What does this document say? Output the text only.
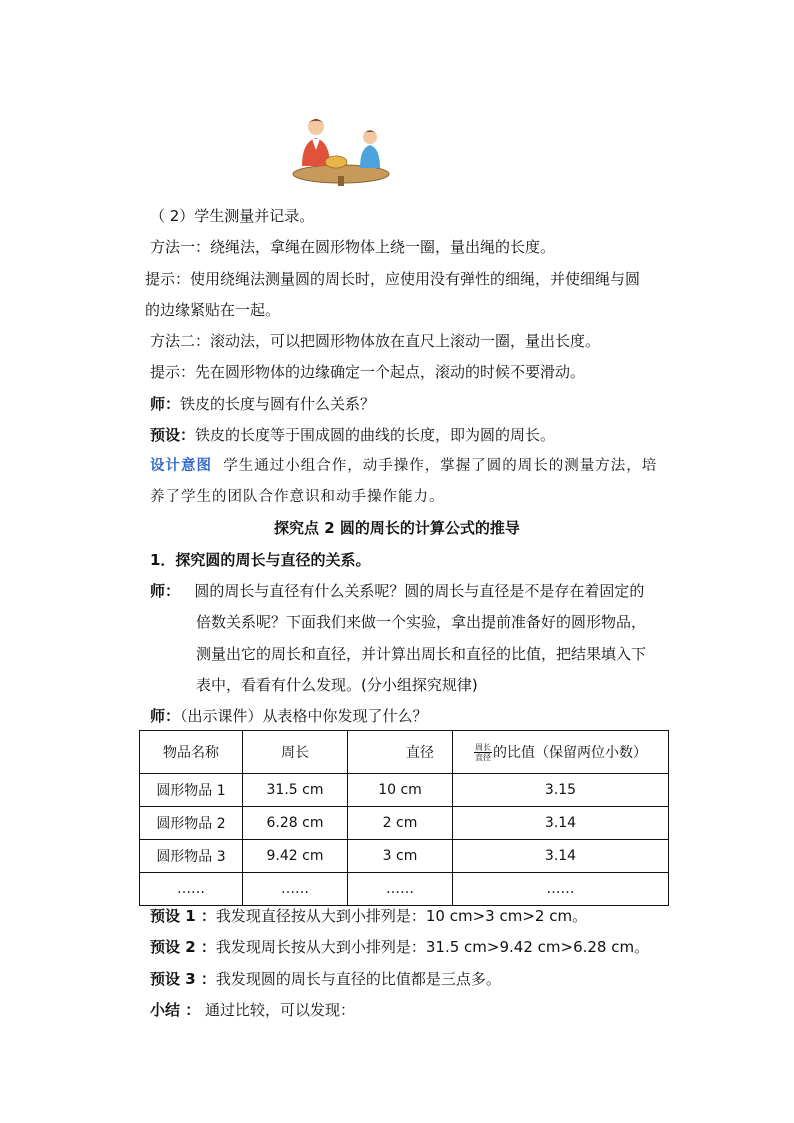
（ 2）学生测量并记录。
方法一：绕绳法，拿绳在圆形物体上绕一圈，量出绳的长度。
提示：使用绕绳法测量圆的周长时，应使用没有弹性的细绳，并使细绳与圆
的边缘紧贴在一起。
方法二：滚动法，可以把圆形物体放在直尺上滚动一圈，量出长度。
提示：先在圆形物体的边缘确定一个起点，滚动的时候不要滑动。
师：铁皮的长度与圆有什么关系？
预设：铁皮的长度等于围成圆的曲线的长度，即为圆的周长。
设计意图 学生通过小组合作，动手操作，掌握了圆的周长的测量方法，培
养了学生的团队合作意识和动手操作能力。
探究点 2 圆的周长的计算公式的推导
1．探究圆的周长与直径的关系。
师： 圆的周长与直径有什么关系呢？圆的周长与直径是不是存在着固定的
倍数关系呢？下面我们来做一个实验，拿出提前准备好的圆形物品，
测量出它的周长和直径，并计算出周长和直径的比值，把结果填入下
表中，看看有什么发现。(分小组探究规律)
师：（出示课件）从表格中你发现了什么？
物品名称	周长	直径	$\frac{\text{周长}}{\text{直径}}$ 的比值（保留两位小数）
圆形物品 1	31.5 cm	10 cm	3.15
圆形物品 2	6.28 cm	2 cm	3.14
圆形物品 3	9.42 cm	3 cm	3.14
……	……	……	……
预设 1 ：我发现直径按从大到小排列是：10 cm>3 cm>2 cm。
预设 2 ：我发现周长按从大到小排列是：31.5 cm>9.42 cm>6.28 cm。
预设 3 ：我发现圆的周长与直径的比值都是三点多。
小结 ： 通过比较，可以发现：
